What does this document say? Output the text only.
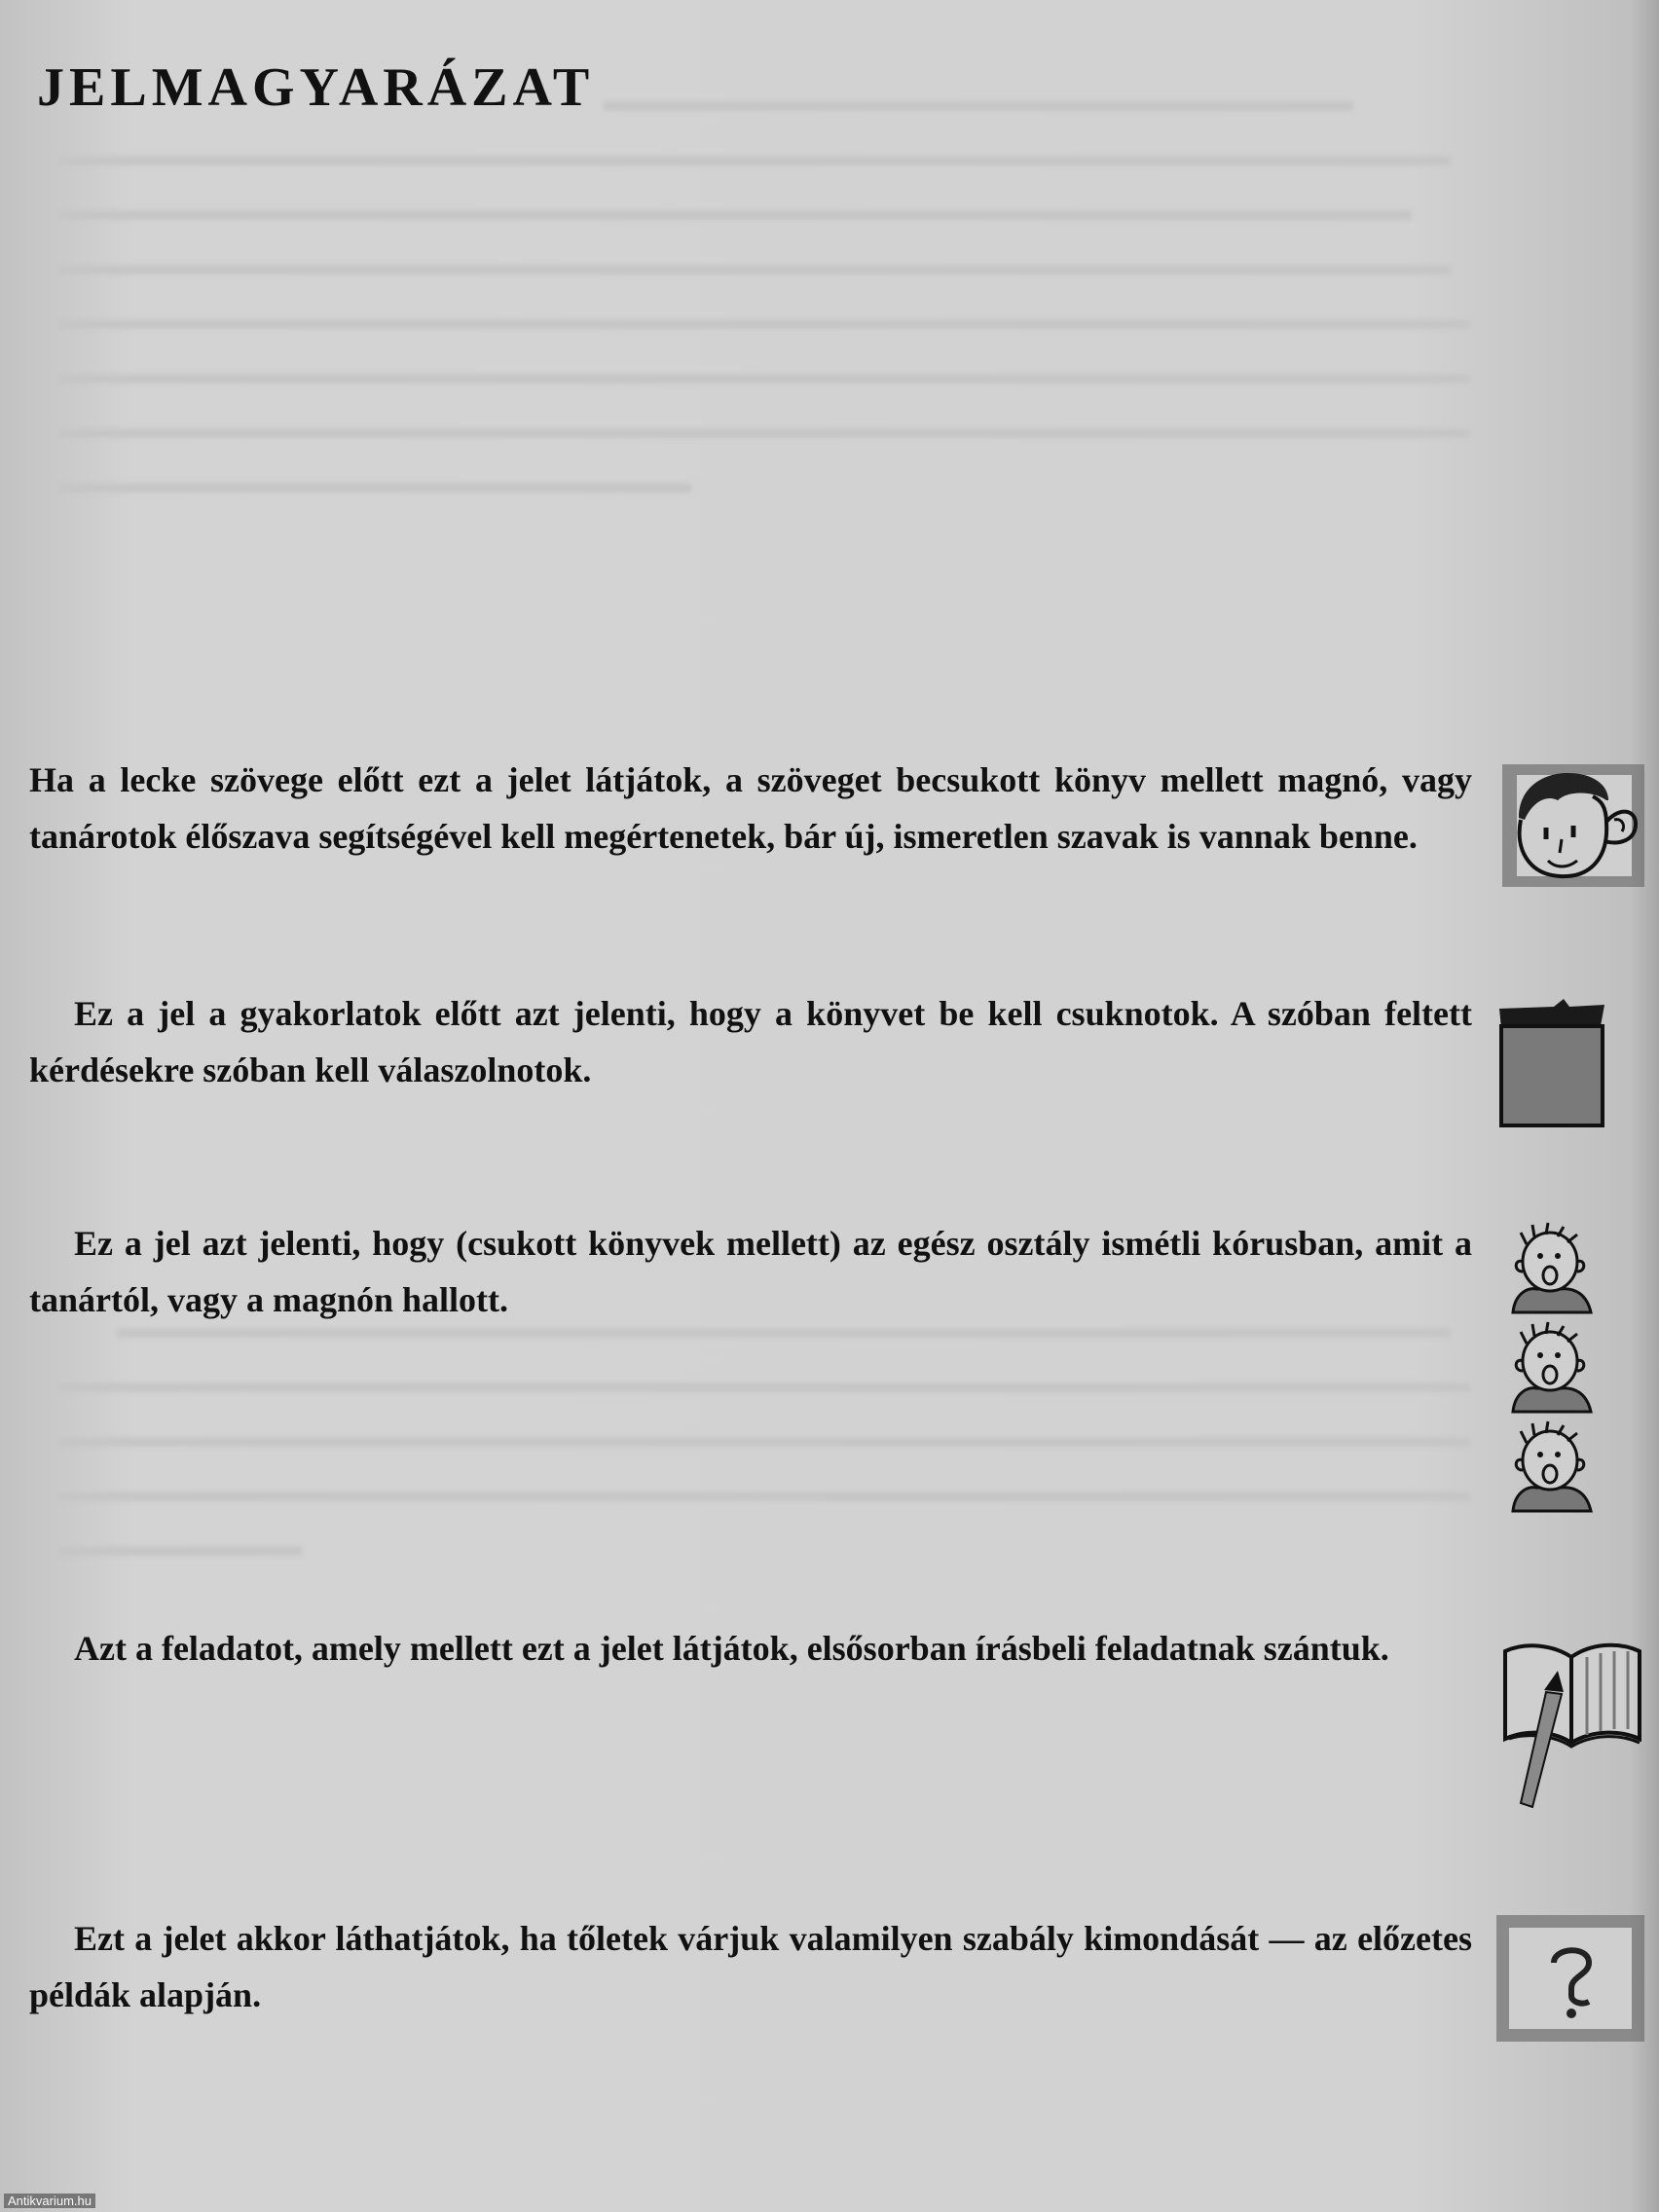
JELMAGYARÁZAT

Ha a lecke szövege előtt ezt a jelet látjátok, a szöveget becsukott könyv mellett magnó, vagy tanárotok élőszava segítségével kell megértenetek, bár új, ismeretlen szavak is vannak benne.

Ez a jel a gyakorlatok előtt azt jelenti, hogy a könyvet be kell csuknotok. A szóban feltett kérdésekre szóban kell válaszolnotok.

Ez a jel azt jelenti, hogy (csukott könyvek mellett) az egész osztály ismétli kórusban, amit a tanártól, vagy a magnón hallott.

Azt a feladatot, amely mellett ezt a jelet látjátok, elsősorban írásbeli feladatnak szántuk.

Ezt a jelet akkor láthatjátok, ha tőletek várjuk valamilyen szabály kimondását — az előzetes példák alapján.

Antikvarium.hu
